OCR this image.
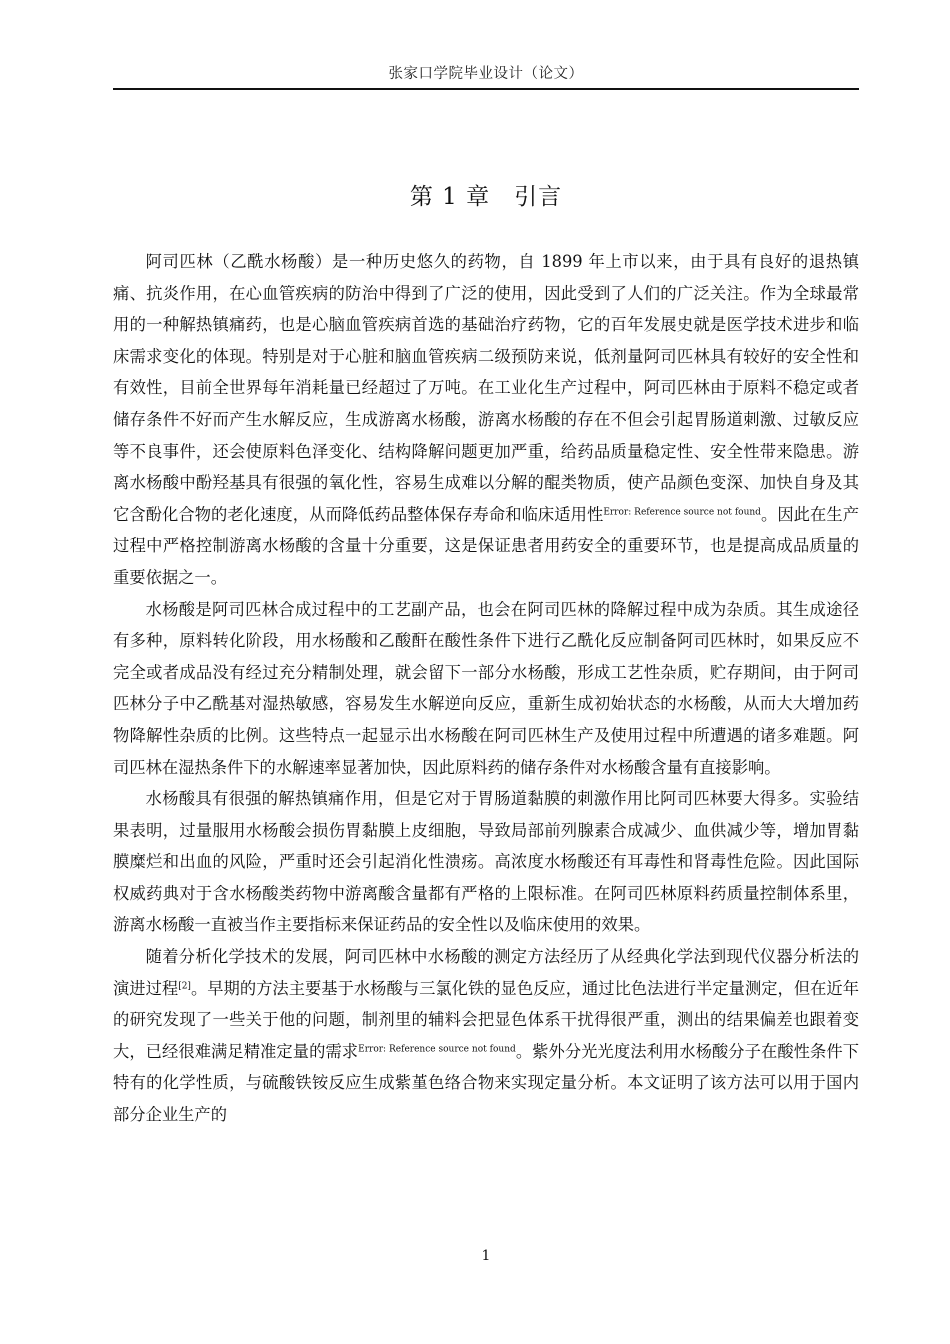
张家口学院毕业设计（论文）
第 1 章　引言

阿司匹林（乙酰水杨酸）是一种历史悠久的药物，自 1899 年上市以来，由于具有良好的退热镇痛、抗炎作用，在心血管疾病的防治中得到了广泛的使用，因此受到了人们的广泛关注。作为全球最常用的一种解热镇痛药，也是心脑血管疾病首选的基础治疗药物，它的百年发展史就是医学技术进步和临床需求变化的体现。特别是对于心脏和脑血管疾病二级预防来说，低剂量阿司匹林具有较好的安全性和有效性，目前全世界每年消耗量已经超过了万吨。在工业化生产过程中，阿司匹林由于原料不稳定或者储存条件不好而产生水解反应，生成游离水杨酸，游离水杨酸的存在不但会引起胃肠道刺激、过敏反应等不良事件，还会使原料色泽变化、结构降解问题更加严重，给药品质量稳定性、安全性带来隐患。游离水杨酸中酚羟基具有很强的氧化性，容易生成难以分解的醌类物质，使产品颜色变深、加快自身及其它含酚化合物的老化速度，从而降低药品整体保存寿命和临床适用性$^{Error: Reference source not found}$。因此在生产过程中严格控制游离水杨酸的含量十分重要，这是保证患者用药安全的重要环节，也是提高成品质量的重要依据之一。

水杨酸是阿司匹林合成过程中的工艺副产品，也会在阿司匹林的降解过程中成为杂质。其生成途径有多种，原料转化阶段，用水杨酸和乙酸酐在酸性条件下进行乙酰化反应制备阿司匹林时，如果反应不完全或者成品没有经过充分精制处理，就会留下一部分水杨酸，形成工艺性杂质，贮存期间，由于阿司匹林分子中乙酰基对湿热敏感，容易发生水解逆向反应，重新生成初始状态的水杨酸，从而大大增加药物降解性杂质的比例。这些特点一起显示出水杨酸在阿司匹林生产及使用过程中所遭遇的诸多难题。阿司匹林在湿热条件下的水解速率显著加快，因此原料药的储存条件对水杨酸含量有直接影响。

水杨酸具有很强的解热镇痛作用，但是它对于胃肠道黏膜的刺激作用比阿司匹林要大得多。实验结果表明，过量服用水杨酸会损伤胃黏膜上皮细胞，导致局部前列腺素合成减少、血供减少等，增加胃黏膜糜烂和出血的风险，严重时还会引起消化性溃疡。高浓度水杨酸还有耳毒性和肾毒性危险。因此国际权威药典对于含水杨酸类药物中游离酸含量都有严格的上限标准。在阿司匹林原料药质量控制体系里，游离水杨酸一直被当作主要指标来保证药品的安全性以及临床使用的效果。

随着分析化学技术的发展，阿司匹林中水杨酸的测定方法经历了从经典化学法到现代仪器分析法的演进过程[2]。早期的方法主要基于水杨酸与三氯化铁的显色反应，通过比色法进行半定量测定，但在近年的研究发现了一些关于他的问题，制剂里的辅料会把显色体系干扰得很严重，测出的结果偏差也跟着变大，已经很难满足精准定量的需求$^{Error: Reference source not found}$。紫外分光光度法利用水杨酸分子在酸性条件下特有的化学性质，与硫酸铁铵反应生成紫堇色络合物来实现定量分析。本文证明了该方法可以用于国内部分企业生产的

1
